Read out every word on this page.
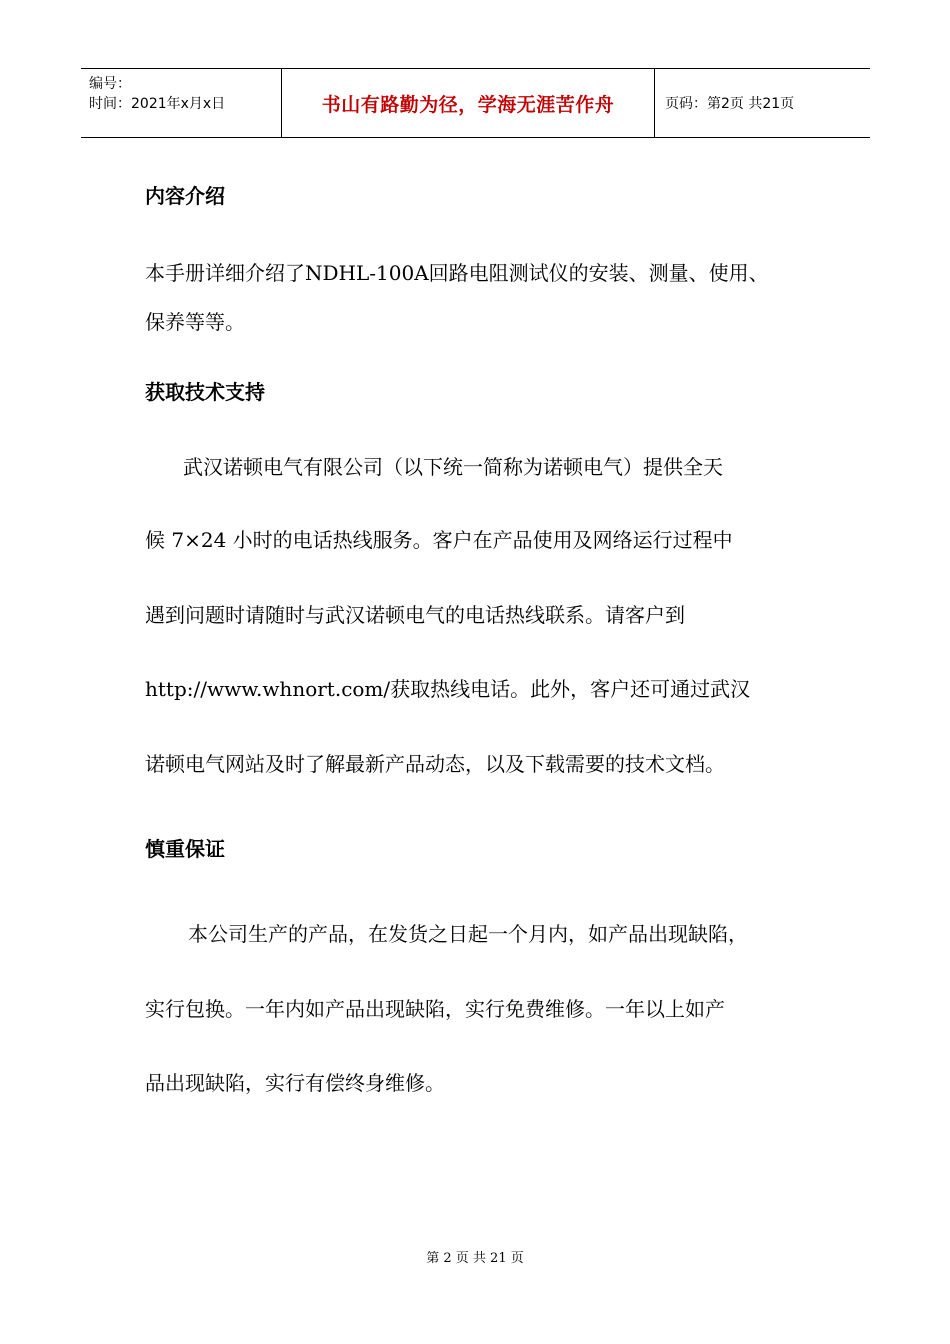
编号：
时间：2021年x月x日	书山有路勤为径，学海无涯苦作舟	页码：第2页 共21页
内容介绍
本手册详细介绍了NDHL-100A回路电阻测试仪的安装、测量、使用、
保养等等。
获取技术支持
武汉诺顿电气有限公司（以下统一简称为诺顿电气）提供全天
候 7×24 小时的电话热线服务。客户在产品使用及网络运行过程中
遇到问题时请随时与武汉诺顿电气的电话热线联系。请客户到
http://www.whnort.com/获取热线电话。此外，客户还可通过武汉
诺顿电气网站及时了解最新产品动态，以及下载需要的技术文档。
慎重保证
本公司生产的产品，在发货之日起一个月内，如产品出现缺陷，
实行包换。一年内如产品出现缺陷，实行免费维修。一年以上如产
品出现缺陷，实行有偿终身维修。
第 2 页 共 21 页
